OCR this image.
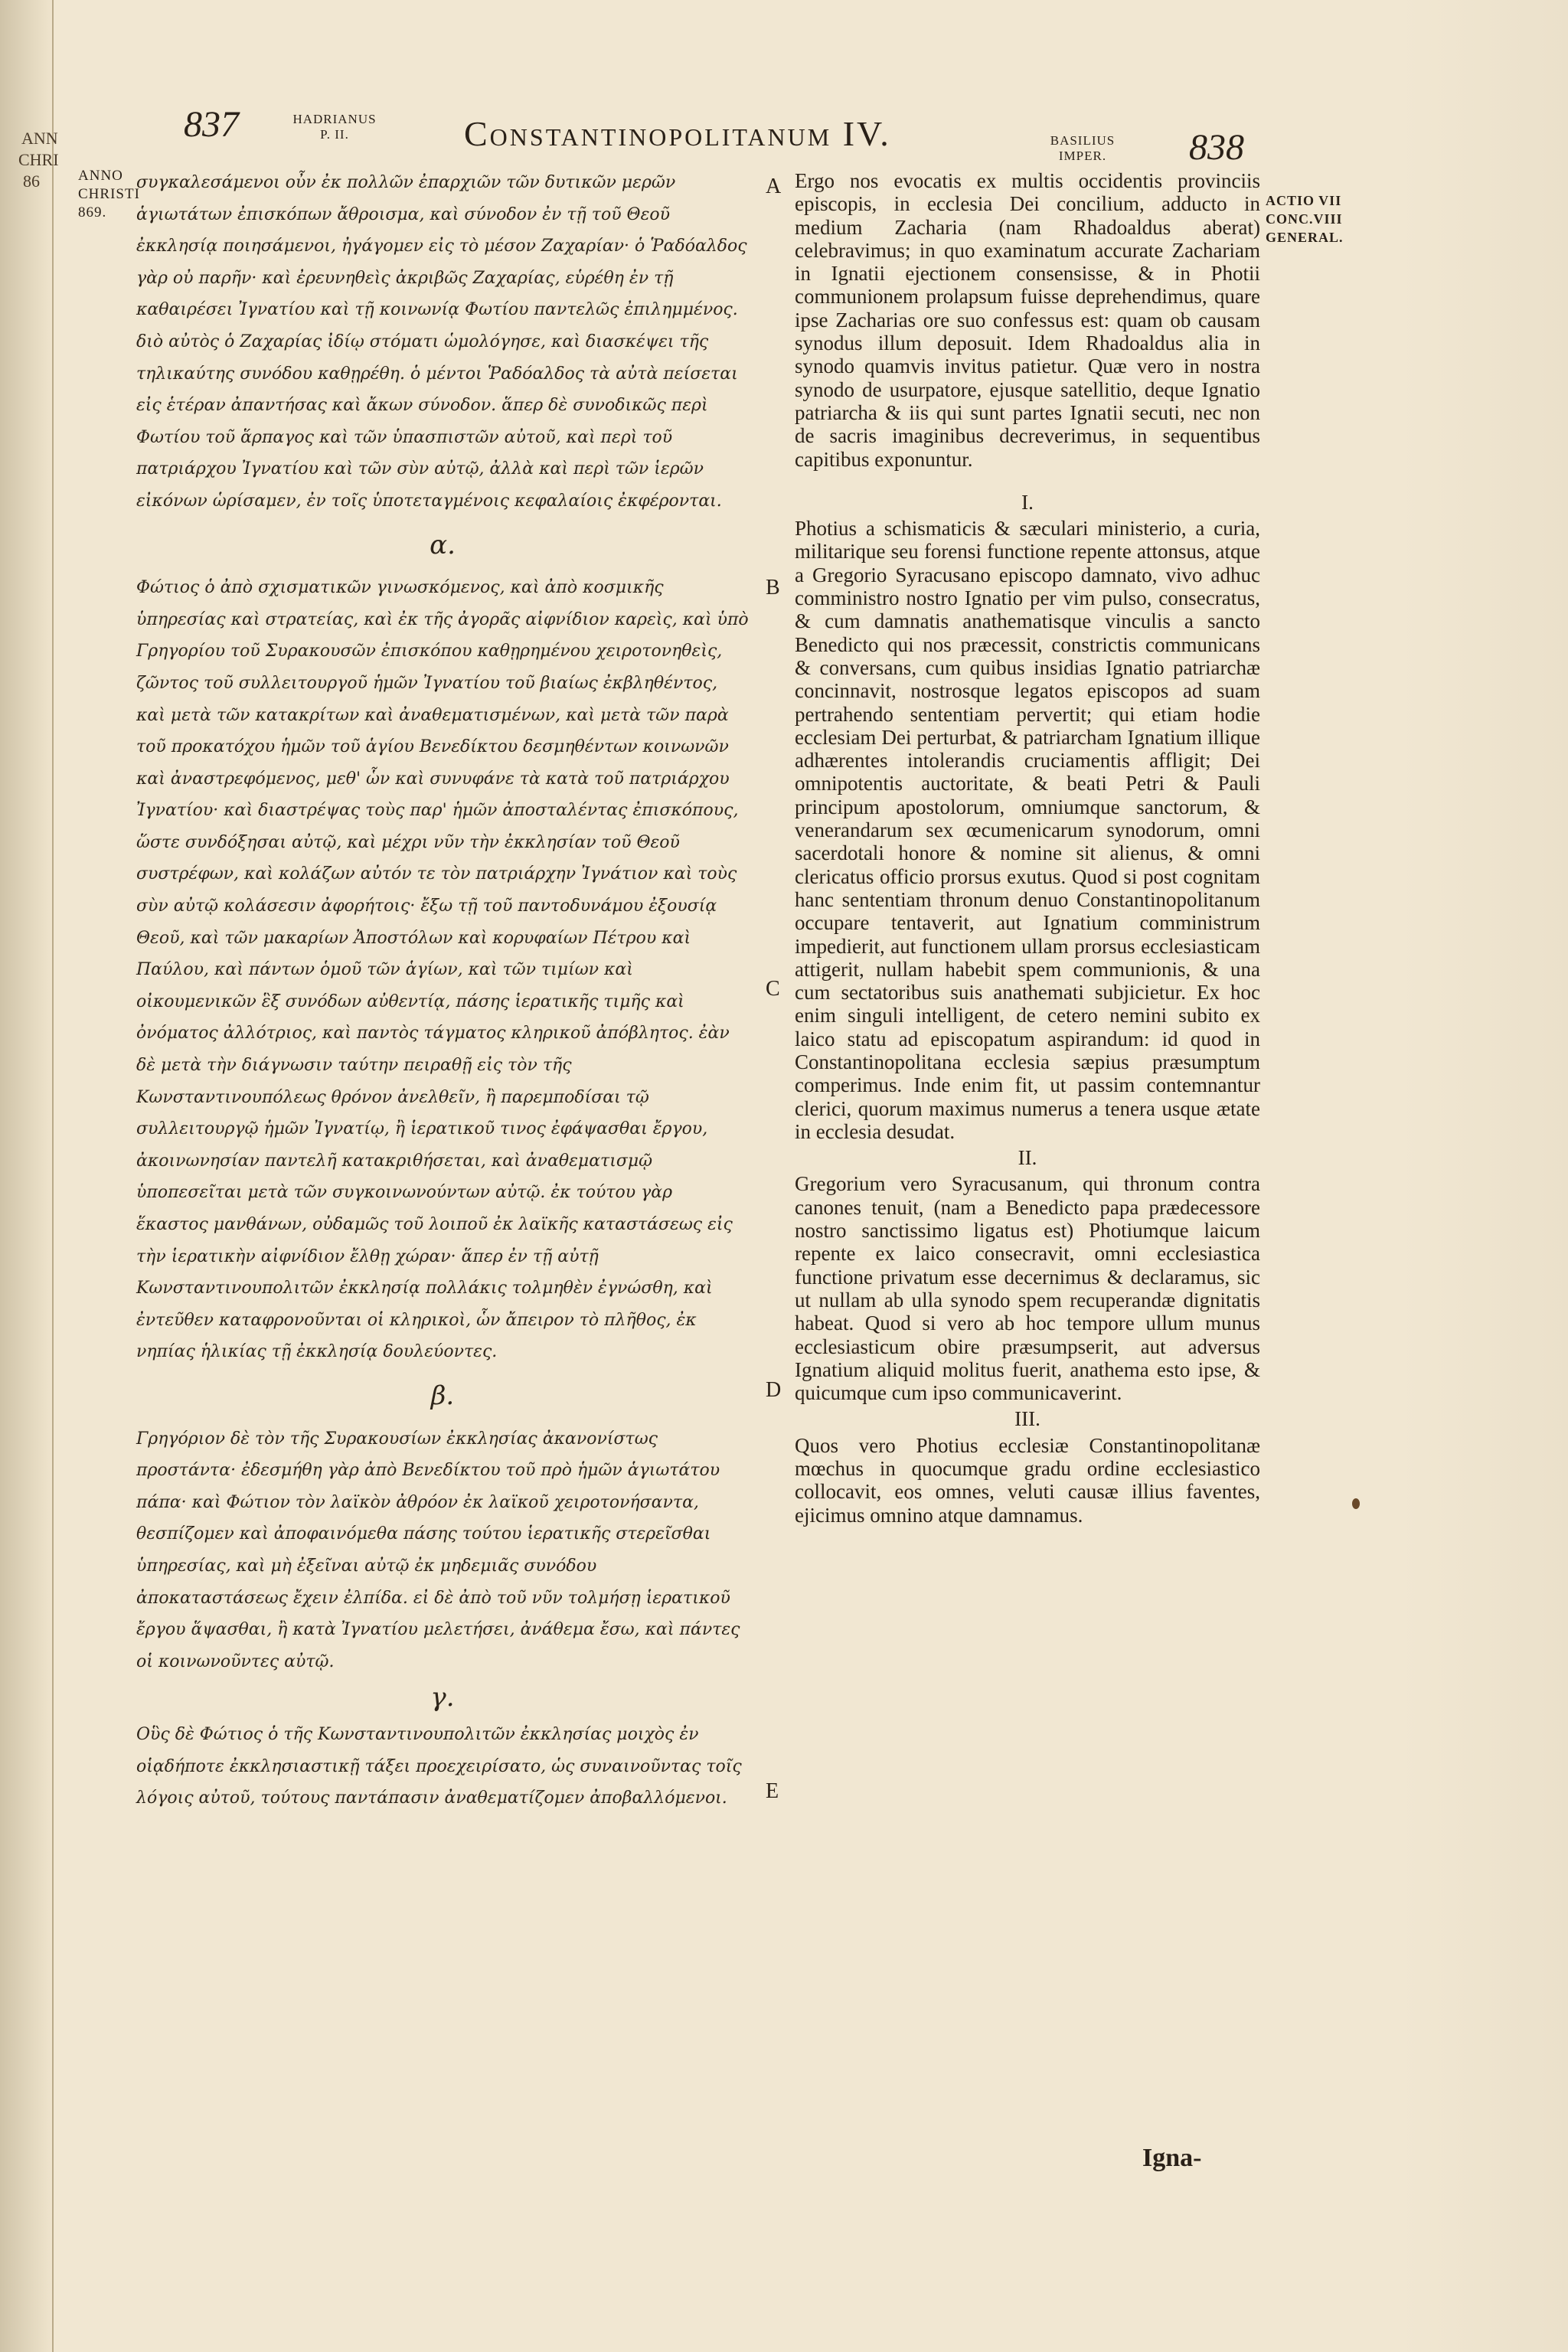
ANN
CHRI
86
837	HADRIANUS
P. II.	Constantinopolitanum IV.	BASILIUS
IMPER.	838
ANNO
CHRISTI
869.
ACTIO VII
CONC.VIII
GENERAL.

συγκαλεσάμενοι οὖν ἐκ πολλῶν ἐπαρχιῶν τῶν δυτικῶν μερῶν ἁγιωτάτων ἐπισκόπων ἄθροισμα, καὶ σύνοδον ἐν τῇ τοῦ Θεοῦ ἐκκλησίᾳ ποιησάμενοι, ἠγάγομεν εἰς τὸ μέσον Ζαχαρίαν· ὁ Ῥαδόαλδος γὰρ οὐ παρῆν· καὶ ἐρευνηθεὶς ἀκριβῶς Ζαχαρίας, εὑρέθη ἐν τῇ καθαιρέσει Ἰγνατίου καὶ τῇ κοινωνίᾳ Φωτίου παντελῶς ἐπιλημμένος. διὸ αὐτὸς ὁ Ζαχαρίας ἰδίῳ στόματι ὡμολόγησε, καὶ διασκέψει τῆς τηλικαύτης συνόδου καθῃρέθη. ὁ μέντοι Ῥαδόαλδος τὰ αὐτὰ πείσεται εἰς ἑτέραν ἀπαντήσας καὶ ἄκων σύνοδον. ἅπερ δὲ συνοδικῶς περὶ Φωτίου τοῦ ἅρπαγος καὶ τῶν ὑπασπιστῶν αὐτοῦ, καὶ περὶ τοῦ πατριάρχου Ἰγνατίου καὶ τῶν σὺν αὐτῷ, ἀλλὰ καὶ περὶ τῶν ἱερῶν εἰκόνων ὡρίσαμεν, ἐν τοῖς ὑποτεταγμένοις κεφαλαίοις ἐκφέρονται.

α.

Φώτιος ὁ ἀπὸ σχισματικῶν γινωσκόμενος, καὶ ἀπὸ κοσμικῆς ὑπηρεσίας καὶ στρατείας, καὶ ἐκ τῆς ἀγορᾶς αἰφνίδιον καρεὶς, καὶ ὑπὸ Γρηγορίου τοῦ Συρακουσῶν ἐπισκόπου καθῃρημένου χειροτονηθεὶς, ζῶντος τοῦ συλλειτουργοῦ ἡμῶν Ἰγνατίου τοῦ βιαίως ἐκβληθέντος, καὶ μετὰ τῶν κατακρίτων καὶ ἀναθεματισμένων, καὶ μετὰ τῶν παρὰ τοῦ προκατόχου ἡμῶν τοῦ ἁγίου Βενεδίκτου δεσμηθέντων κοινωνῶν καὶ ἀναστρεφόμενος, μεθ' ὧν καὶ συνυφάνε τὰ κατὰ τοῦ πατριάρχου Ἰγνατίου· καὶ διαστρέψας τοὺς παρ' ἡμῶν ἀποσταλέντας ἐπισκόπους, ὥστε συνδόξησαι αὐτῷ, καὶ μέχρι νῦν τὴν ἐκκλησίαν τοῦ Θεοῦ συστρέφων, καὶ κολάζων αὐτόν τε τὸν πατριάρχην Ἰγνάτιον καὶ τοὺς σὺν αὐτῷ κολάσεσιν ἀφορήτοις· ἔξω τῇ τοῦ παντοδυνάμου ἐξουσίᾳ Θεοῦ, καὶ τῶν μακαρίων Ἀποστόλων καὶ κορυφαίων Πέτρου καὶ Παύλου, καὶ πάντων ὁμοῦ τῶν ἁγίων, καὶ τῶν τιμίων καὶ οἰκουμενικῶν ἓξ συνόδων αὐθεντίᾳ, πάσης ἱερατικῆς τιμῆς καὶ ὀνόματος ἀλλότριος, καὶ παντὸς τάγματος κληρικοῦ ἀπόβλητος. ἐὰν δὲ μετὰ τὴν διάγνωσιν ταύτην πειραθῇ εἰς τὸν τῆς Κωνσταντινουπόλεως θρόνον ἀνελθεῖν, ἢ παρεμποδίσαι τῷ συλλειτουργῷ ἡμῶν Ἰγνατίῳ, ἢ ἱερατικοῦ τινος ἐφάψασθαι ἔργου, ἀκοινωνησίαν παντελῆ κατακριθήσεται, καὶ ἀναθεματισμῷ ὑποπεσεῖται μετὰ τῶν συγκοινωνούντων αὐτῷ. ἐκ τούτου γὰρ ἕκαστος μανθάνων, οὐδαμῶς τοῦ λοιποῦ ἐκ λαϊκῆς καταστάσεως εἰς τὴν ἱερατικὴν αἰφνίδιον ἔλθῃ χώραν· ἅπερ ἐν τῇ αὐτῇ Κωνσταντινουπολιτῶν ἐκκλησίᾳ πολλάκις τολμηθὲν ἐγνώσθη, καὶ ἐντεῦθεν καταφρονοῦνται οἱ κληρικοὶ, ὧν ἄπειρον τὸ πλῆθος, ἐκ νηπίας ἡλικίας τῇ ἐκκλησίᾳ δουλεύοντες.

β.

Γρηγόριον δὲ τὸν τῆς Συρακουσίων ἐκκλησίας ἀκανονίστως προστάντα· ἐδεσμήθη γὰρ ἀπὸ Βενεδίκτου τοῦ πρὸ ἡμῶν ἁγιωτάτου πάπα· καὶ Φώτιον τὸν λαϊκὸν ἀθρόον ἐκ λαϊκοῦ χειροτονήσαντα, θεσπίζομεν καὶ ἀποφαινόμεθα πάσης τούτου ἱερατικῆς στερεῖσθαι ὑπηρεσίας, καὶ μὴ ἐξεῖναι αὐτῷ ἐκ μηδεμιᾶς συνόδου ἀποκαταστάσεως ἔχειν ἐλπίδα. εἰ δὲ ἀπὸ τοῦ νῦν τολμήσῃ ἱερατικοῦ ἔργου ἅψασθαι, ἢ κατὰ Ἰγνατίου μελετήσει, ἀνάθεμα ἔσω, καὶ πάντες οἱ κοινωνοῦντες αὐτῷ.

γ.

Οὓς δὲ Φώτιος ὁ τῆς Κωνσταντινουπολιτῶν ἐκκλησίας μοιχὸς ἐν οἱᾳδήποτε ἐκκλησιαστικῇ τάξει προεχειρίσατο, ὡς συναινοῦντας τοῖς λόγοις αὐτοῦ, τούτους παντάπασιν ἀναθεματίζομεν ἀποβαλλόμενοι.

A
B
C
D
E

Ergo nos evocatis ex multis occidentis provinciis episcopis, in ecclesia Dei concilium, adducto in medium Zacharia (nam Rhadoaldus aberat) celebravimus; in quo examinatum accurate Zachariam in Ignatii ejectionem consensisse, & in Photii communionem prolapsum fuisse deprehendimus, quare ipse Zacharias ore suo confessus est: quam ob causam synodus illum deposuit. Idem Rhadoaldus alia in synodo quamvis invitus patietur. Quæ vero in nostra synodo de usurpatore, ejusque satellitio, deque Ignatio patriarcha & iis qui sunt partes Ignatii secuti, nec non de sacris imaginibus decreverimus, in sequentibus capitibus exponuntur.

I.

Photius a schismaticis & sæculari ministerio, a curia, militarique seu forensi functione repente attonsus, atque a Gregorio Syracusano episcopo damnato, vivo adhuc comministro nostro Ignatio per vim pulso, consecratus, & cum damnatis anathematisque vinculis a sancto Benedicto qui nos præcessit, constrictis communicans & conversans, cum quibus insidias Ignatio patriarchæ concinnavit, nostrosque legatos episcopos ad suam pertrahendo sententiam pervertit; qui etiam hodie ecclesiam Dei perturbat, & patriarcham Ignatium illique adhærentes intolerandis cruciamentis affligit; Dei omnipotentis auctoritate, & beati Petri & Pauli principum apostolorum, omniumque sanctorum, & venerandarum sex œcumenicarum synodorum, omni sacerdotali honore & nomine sit alienus, & omni clericatus officio prorsus exutus. Quod si post cognitam hanc sententiam thronum denuo Constantinopolitanum occupare tentaverit, aut Ignatium comministrum impedierit, aut functionem ullam prorsus ecclesiasticam attigerit, nullam habebit spem communionis, & una cum sectatoribus suis anathemati subjicietur. Ex hoc enim singuli intelligent, de cetero nemini subito ex laico statu ad episcopatum aspirandum: id quod in Constantinopolitana ecclesia sæpius præsumptum comperimus. Inde enim fit, ut passim contemnantur clerici, quorum maximus numerus a tenera usque ætate in ecclesia desudat.

II.

Gregorium vero Syracusanum, qui thronum contra canones tenuit, (nam a Benedicto papa prædecessore nostro sanctissimo ligatus est) Photiumque laicum repente ex laico consecravit, omni ecclesiastica functione privatum esse decernimus & declaramus, sic ut nullam ab ulla synodo spem recuperandæ dignitatis habeat. Quod si vero ab hoc tempore ullum munus ecclesiasticum obire præsumpserit, aut adversus Ignatium aliquid molitus fuerit, anathema esto ipse, & quicumque cum ipso communicaverint.

III.

Quos vero Photius ecclesiæ Constantinopolitanæ mœchus in quocumque gradu ordine ecclesiastico collocavit, eos omnes, veluti causæ illius faventes, ejicimus omnino atque damnamus.

Igna-
